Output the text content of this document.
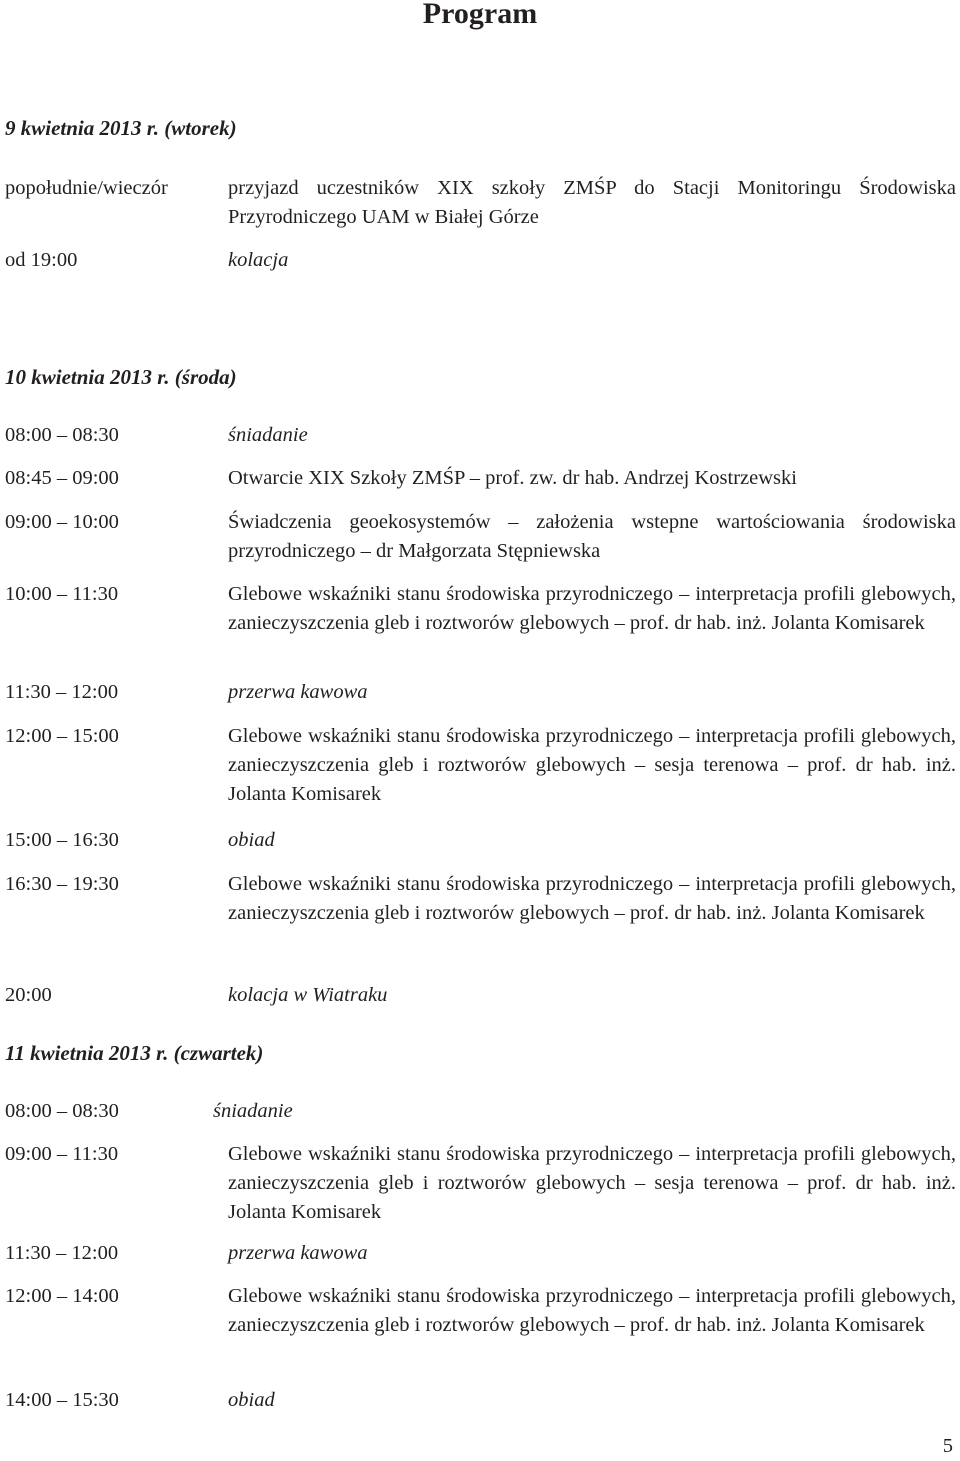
Program
9 kwietnia 2013 r. (wtorek)
popołudnie/wieczór	przyjazd uczestników XIX szkoły ZMŚP do Stacji Monitoringu Środowiska Przyrodniczego UAM w Białej Górze
od 19:00	kolacja
10 kwietnia 2013 r. (środa)
08:00 – 08:30	śniadanie
08:45 – 09:00	Otwarcie XIX Szkoły ZMŚP – prof. zw. dr hab. Andrzej Kostrzewski
09:00 – 10:00	Świadczenia geoekosystemów – założenia wstepne wartościowania środowiska przyrodniczego – dr Małgorzata Stępniewska
10:00 – 11:30	Glebowe wskaźniki stanu środowiska przyrodniczego – interpretacja profili glebowych, zanieczyszczenia gleb i roztworów glebowych – prof. dr hab. inż. Jolanta Komisarek
11:30 – 12:00	przerwa kawowa
12:00 – 15:00	Glebowe wskaźniki stanu środowiska przyrodniczego – interpretacja profili glebowych, zanieczyszczenia gleb i roztworów glebowych – sesja terenowa – prof. dr hab. inż. Jolanta Komisarek
15:00 – 16:30	obiad
16:30 – 19:30	Glebowe wskaźniki stanu środowiska przyrodniczego – interpretacja profili glebowych, zanieczyszczenia gleb i roztworów glebowych – prof. dr hab. inż. Jolanta Komisarek
20:00	kolacja w Wiatraku
11 kwietnia 2013 r. (czwartek)
08:00 – 08:30	śniadanie
09:00 – 11:30	Glebowe wskaźniki stanu środowiska przyrodniczego – interpretacja profili glebowych, zanieczyszczenia gleb i roztworów glebowych – sesja terenowa – prof. dr hab. inż. Jolanta Komisarek
11:30 – 12:00	przerwa kawowa
12:00 – 14:00	Glebowe wskaźniki stanu środowiska przyrodniczego – interpretacja profili glebowych, zanieczyszczenia gleb i roztworów glebowych – prof. dr hab. inż. Jolanta Komisarek
14:00 – 15:30	obiad
5
